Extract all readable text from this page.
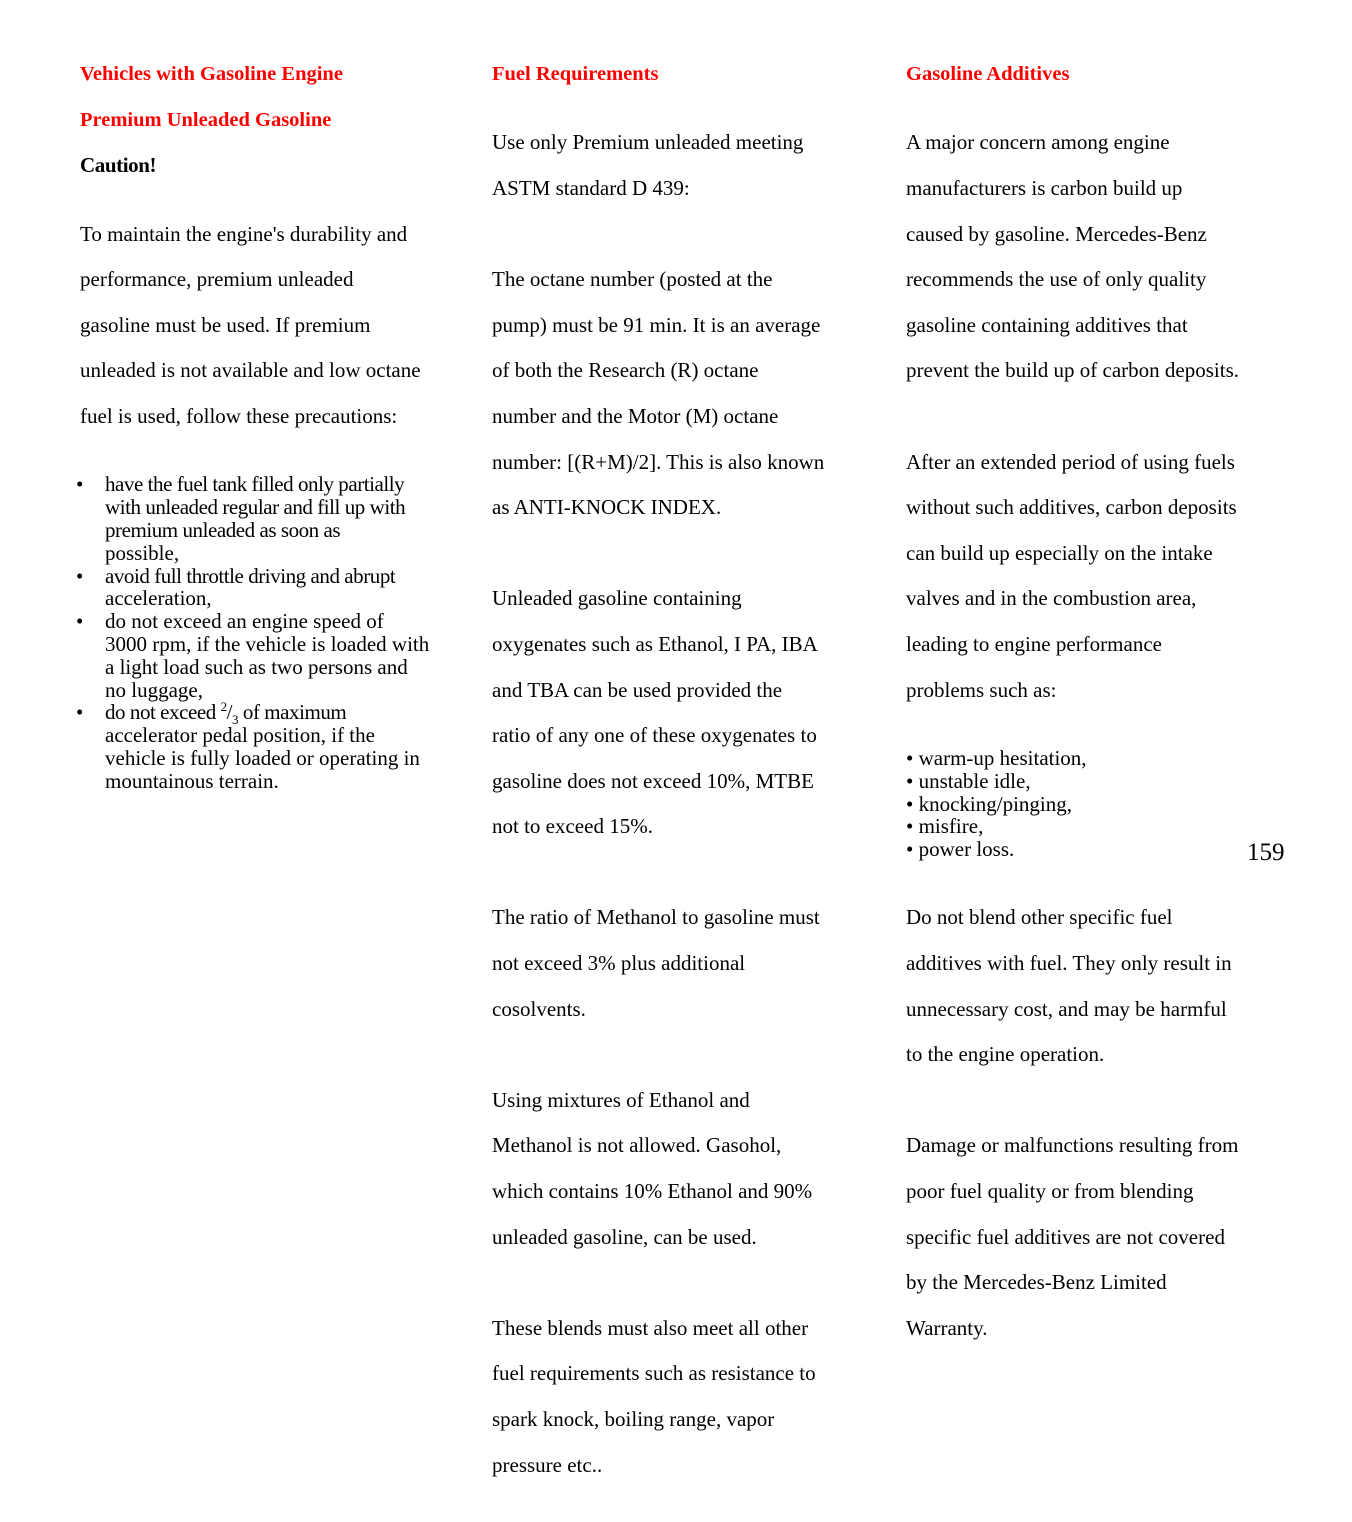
Vehicles with Gasoline Engine
Premium Unleaded Gasoline
Caution!

To maintain the engine's durability and

performance, premium unleaded

gasoline must be used. If premium

unleaded is not available and low octane

fuel is used, follow these precautions:

• have the fuel tank filled only partially
with unleaded regular and fill up with
premium unleaded as soon as
possible,
• avoid full throttle driving and abrupt
acceleration,
• do not exceed an engine speed of
3000 rpm, if the vehicle is loaded with
a light load such as two persons and
no luggage,
• do not exceed $^2/_3$ of maximum
accelerator pedal position, if the
vehicle is fully loaded or operating in
mountainous terrain.
Fuel Requirements

Use only Premium unleaded meeting

ASTM standard D 439:

The octane number (posted at the

pump) must be 91 min. It is an average

of both the Research (R) octane

number and the Motor (M) octane

number: [(R+M)/2]. This is also known

as ANTI-KNOCK INDEX.

Unleaded gasoline containing

oxygenates such as Ethanol, I PA, IBA

and TBA can be used provided the

ratio of any one of these oxygenates to

gasoline does not exceed 10%, MTBE

not to exceed 15%.

The ratio of Methanol to gasoline must

not exceed 3% plus additional

cosolvents.

Using mixtures of Ethanol and

Methanol is not allowed. Gasohol,

which contains 10% Ethanol and 90%

unleaded gasoline, can be used.

These blends must also meet all other

fuel requirements such as resistance to

spark knock, boiling range, vapor

pressure etc..

Gasoline Additives

A major concern among engine

manufacturers is carbon build up

caused by gasoline. Mercedes-Benz

recommends the use of only quality

gasoline containing additives that

prevent the build up of carbon deposits.

After an extended period of using fuels

without such additives, carbon deposits

can build up especially on the intake

valves and in the combustion area,

leading to engine performance

problems such as:

• warm-up hesitation,
• unstable idle,
• knocking/pinging,
• misfire,
• power loss.

Do not blend other specific fuel

additives with fuel. They only result in

unnecessary cost, and may be harmful

to the engine operation.

Damage or malfunctions resulting from

poor fuel quality or from blending

specific fuel additives are not covered

by the Mercedes-Benz Limited

Warranty.

159
